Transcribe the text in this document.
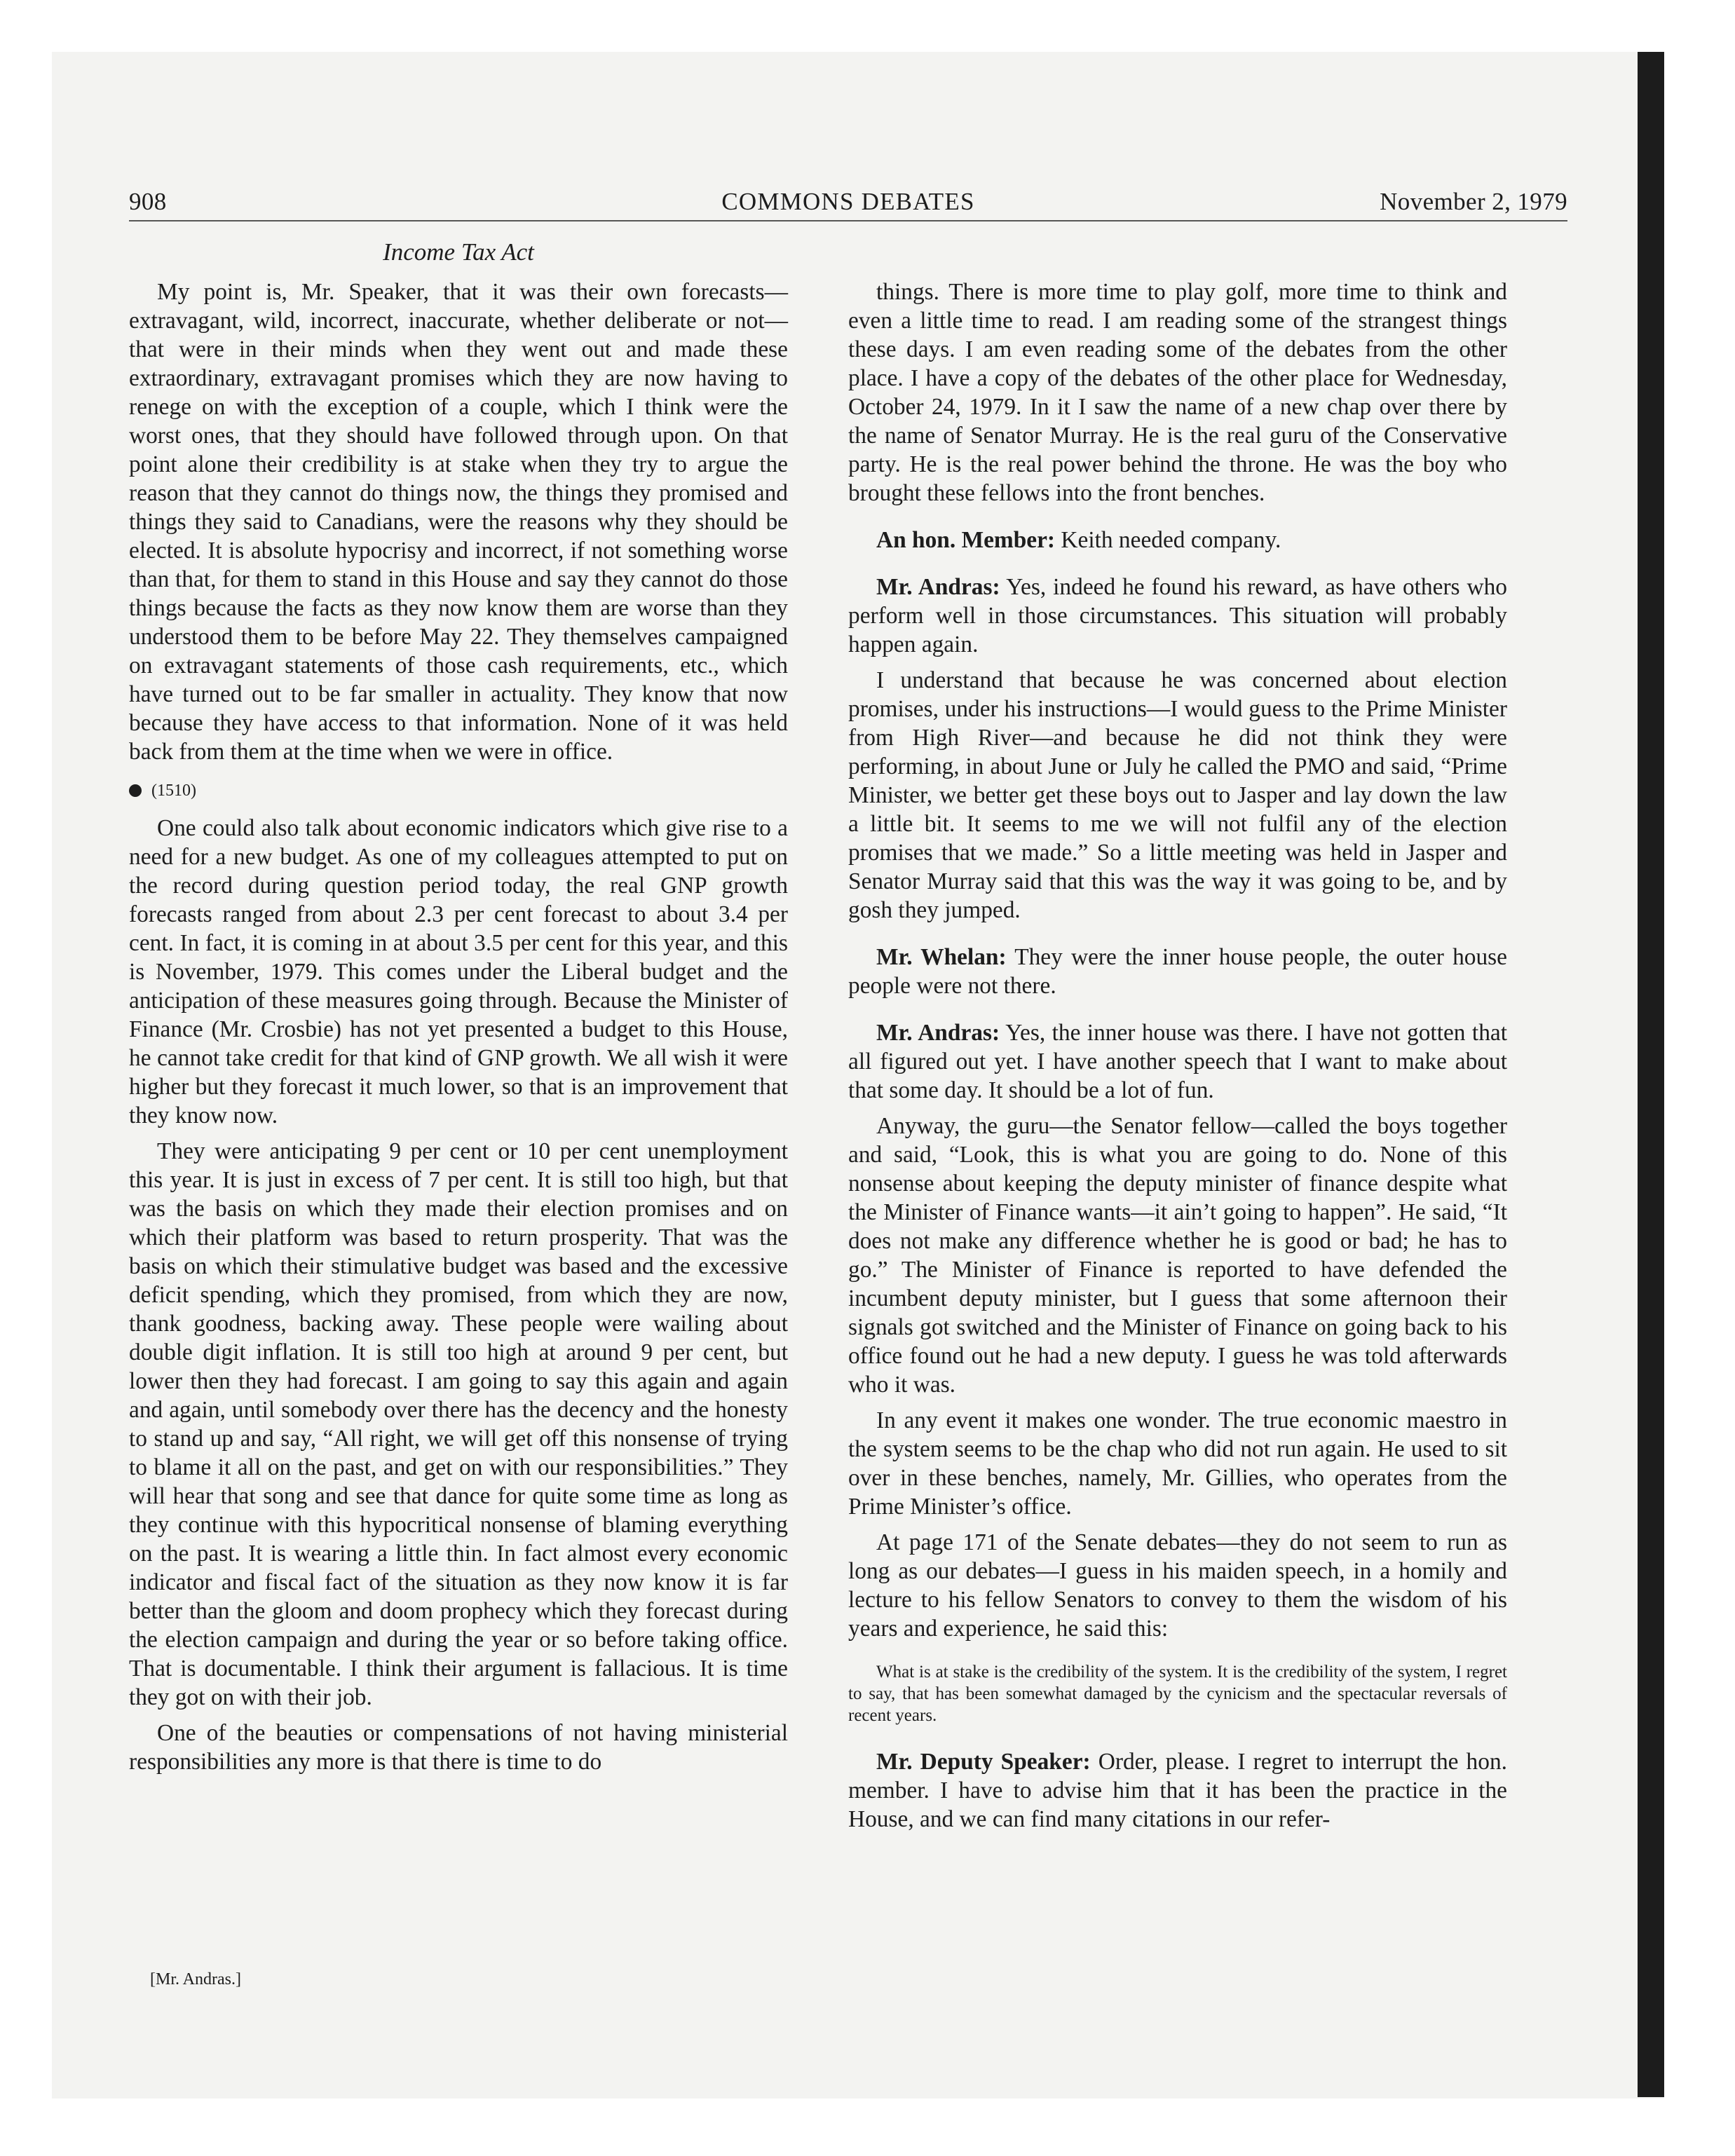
908	COMMONS DEBATES	November 2, 1979
Income Tax Act

My point is, Mr. Speaker, that it was their own forecasts— extravagant, wild, incorrect, inaccurate, whether deliberate or not—that were in their minds when they went out and made these extraordinary, extravagant promises which they are now having to renege on with the exception of a couple, which I think were the worst ones, that they should have followed through upon. On that point alone their credibility is at stake when they try to argue the reason that they cannot do things now, the things they promised and things they said to Canadians, were the reasons why they should be elected. It is absolute hypocrisy and incorrect, if not something worse than that, for them to stand in this House and say they cannot do those things because the facts as they now know them are worse than they understood them to be before May 22. They themselves campaigned on extravagant statements of those cash requirements, etc., which have turned out to be far smaller in actuality. They know that now because they have access to that information. None of it was held back from them at the time when we were in office.

(1510)

One could also talk about economic indicators which give rise to a need for a new budget. As one of my colleagues attempted to put on the record during question period today, the real GNP growth forecasts ranged from about 2.3 per cent forecast to about 3.4 per cent. In fact, it is coming in at about 3.5 per cent for this year, and this is November, 1979. This comes under the Liberal budget and the anticipation of these measures going through. Because the Minister of Finance (Mr. Crosbie) has not yet presented a budget to this House, he cannot take credit for that kind of GNP growth. We all wish it were higher but they forecast it much lower, so that is an improvement that they know now.

They were anticipating 9 per cent or 10 per cent unemployment this year. It is just in excess of 7 per cent. It is still too high, but that was the basis on which they made their election promises and on which their platform was based to return prosperity. That was the basis on which their stimulative budget was based and the excessive deficit spending, which they promised, from which they are now, thank goodness, backing away. These people were wailing about double digit inflation. It is still too high at around 9 per cent, but lower then they had forecast. I am going to say this again and again and again, until somebody over there has the decency and the honesty to stand up and say, “All right, we will get off this nonsense of trying to blame it all on the past, and get on with our responsibilities.” They will hear that song and see that dance for quite some time as long as they continue with this hypocritical nonsense of blaming everything on the past. It is wearing a little thin. In fact almost every economic indicator and fiscal fact of the situation as they now know it is far better than the gloom and doom prophecy which they forecast during the election campaign and during the year or so before taking office. That is documentable. I think their argument is fallacious. It is time they got on with their job.

One of the beauties or compensations of not having ministerial responsibilities any more is that there is time to do

[Mr. Andras.]

things. There is more time to play golf, more time to think and even a little time to read. I am reading some of the strangest things these days. I am even reading some of the debates from the other place. I have a copy of the debates of the other place for Wednesday, October 24, 1979. In it I saw the name of a new chap over there by the name of Senator Murray. He is the real guru of the Conservative party. He is the real power behind the throne. He was the boy who brought these fellows into the front benches.

An hon. Member: Keith needed company.

Mr. Andras: Yes, indeed he found his reward, as have others who perform well in those circumstances. This situation will probably happen again.

I understand that because he was concerned about election promises, under his instructions—I would guess to the Prime Minister from High River—and because he did not think they were performing, in about June or July he called the PMO and said, “Prime Minister, we better get these boys out to Jasper and lay down the law a little bit. It seems to me we will not fulfil any of the election promises that we made.” So a little meeting was held in Jasper and Senator Murray said that this was the way it was going to be, and by gosh they jumped.

Mr. Whelan: They were the inner house people, the outer house people were not there.

Mr. Andras: Yes, the inner house was there. I have not gotten that all figured out yet. I have another speech that I want to make about that some day. It should be a lot of fun.

Anyway, the guru—the Senator fellow—called the boys together and said, “Look, this is what you are going to do. None of this nonsense about keeping the deputy minister of finance despite what the Minister of Finance wants—it ain’t going to happen”. He said, “It does not make any difference whether he is good or bad; he has to go.” The Minister of Finance is reported to have defended the incumbent deputy minister, but I guess that some afternoon their signals got switched and the Minister of Finance on going back to his office found out he had a new deputy. I guess he was told afterwards who it was.

In any event it makes one wonder. The true economic maestro in the system seems to be the chap who did not run again. He used to sit over in these benches, namely, Mr. Gillies, who operates from the Prime Minister’s office.

At page 171 of the Senate debates—they do not seem to run as long as our debates—I guess in his maiden speech, in a homily and lecture to his fellow Senators to convey to them the wisdom of his years and experience, he said this:

What is at stake is the credibility of the system. It is the credibility of the system, I regret to say, that has been somewhat damaged by the cynicism and the spectacular reversals of recent years.

Mr. Deputy Speaker: Order, please. I regret to interrupt the hon. member. I have to advise him that it has been the practice in the House, and we can find many citations in our refer-
